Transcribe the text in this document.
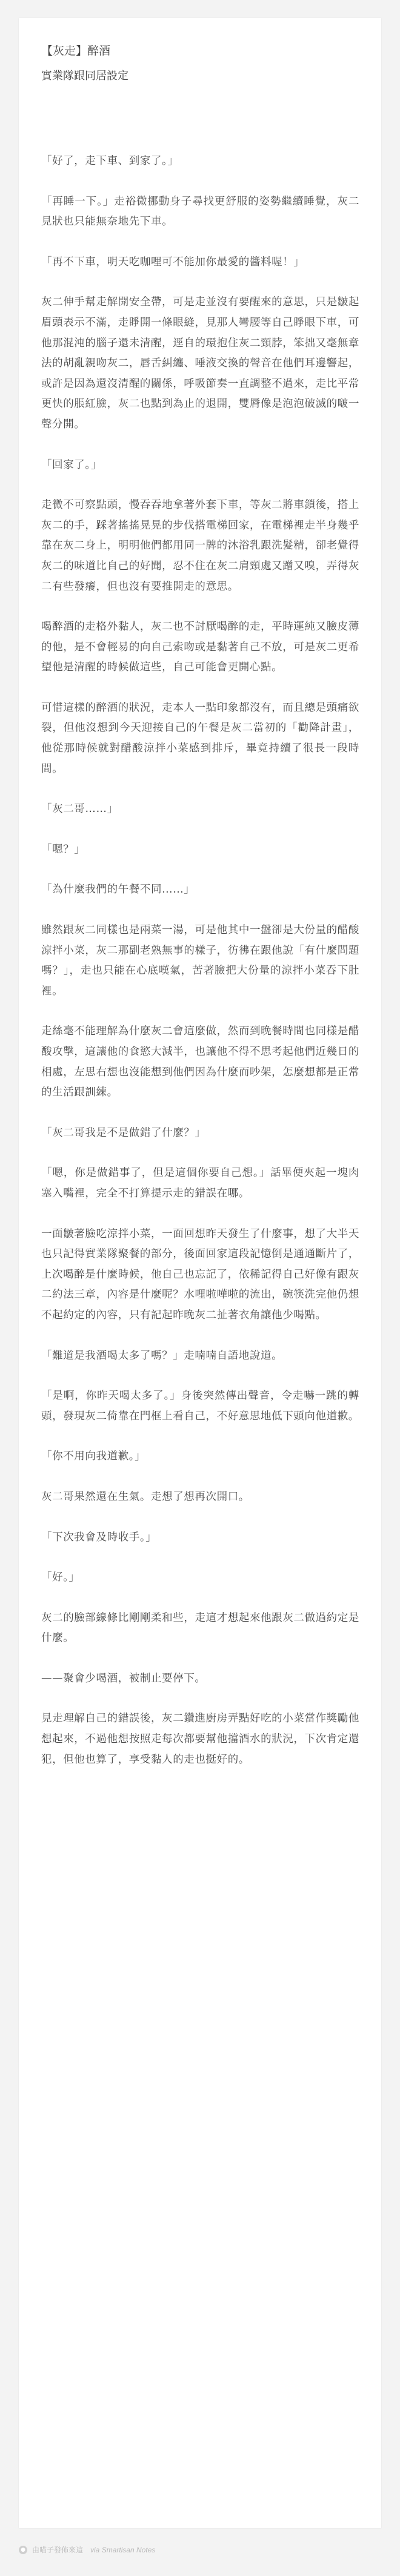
【灰走】醉酒
實業隊跟同居設定

「好了，走下車、到家了。」

「再睡一下。」走裕微挪動身子尋找更舒服的姿勢繼續睡覺，灰二見狀也只能無奈地先下車。

「再不下車，明天吃咖哩可不能加你最愛的醬料喔！」

灰二伸手幫走解開安全帶，可是走並沒有要醒來的意思，只是皺起眉頭表示不滿，走睜開一條眼縫，見那人彎腰等自己睜眼下車，可他那混沌的腦子還未清醒，逕自的環抱住灰二頸脖，笨拙又毫無章法的胡亂親吻灰二，唇舌糾纏、唾液交換的聲音在他們耳邊響起，或許是因為還沒清醒的關係，呼吸節奏一直調整不過來，走比平常更快的脹紅臉，灰二也點到為止的退開，雙脣像是泡泡破滅的啵一聲分開。

「回家了。」

走微不可察點頭，慢吞吞地拿著外套下車，等灰二將車鎖後，搭上灰二的手，踩著搖搖晃晃的步伐搭電梯回家，在電梯裡走半身幾乎靠在灰二身上，明明他們都用同一牌的沐浴乳跟洗髮精，卻老覺得灰二的味道比自己的好聞，忍不住在灰二肩頸處又蹭又嗅，弄得灰二有些發癢，但也沒有要推開走的意思。

喝醉酒的走格外黏人，灰二也不討厭喝醉的走，平時運純又臉皮薄的他，是不會輕易的向自己索吻或是黏著自己不放，可是灰二更希望他是清醒的時候做這些，自己可能會更開心點。

可惜這樣的醉酒的狀況，走本人一點印象都沒有，而且總是頭痛欲裂，但他沒想到今天迎接自己的午餐是灰二當初的「勸降計畫」，他從那時候就對醋酸涼拌小菜感到排斥，畢竟持續了很長一段時間。

「灰二哥……」

「嗯？」

「為什麼我們的午餐不同……」

雖然跟灰二同樣也是兩菜一湯，可是他其中一盤卻是大份量的醋酸涼拌小菜，灰二那副老熟無事的樣子，彷彿在跟他說「有什麼問題嗎？」，走也只能在心底嘆氣，苦著臉把大份量的涼拌小菜吞下肚裡。

走絲毫不能理解為什麼灰二會這麼做，然而到晚餐時間也同樣是醋酸攻擊，這讓他的食慾大減半，也讓他不得不思考起他們近幾日的相處，左思右想也沒能想到他們因為什麼而吵架，怎麼想都是正常的生活跟訓練。

「灰二哥我是不是做錯了什麼？」

「嗯，你是做錯事了，但是這個你要自己想。」話畢便夾起一塊肉塞入嘴裡，完全不打算提示走的錯誤在哪。

一面皺著臉吃涼拌小菜，一面回想昨天發生了什麼事，想了大半天也只記得實業隊聚餐的部分，後面回家這段記憶倒是通通斷片了，上次喝醉是什麼時候，他自己也忘記了，依稀記得自己好像有跟灰二約法三章，內容是什麼呢？水哩啦嘩啦的流出，碗筷洗完他仍想不起約定的內容，只有記起昨晚灰二扯著衣角讓他少喝點。

「難道是我酒喝太多了嗎？」走喃喃自語地說道。

「是啊，你昨天喝太多了。」身後突然傳出聲音，令走嚇一跳的轉頭，發現灰二倚靠在門框上看自己，不好意思地低下頭向他道歉。

「你不用向我道歉。」

灰二哥果然還在生氣。走想了想再次開口。

「下次我會及時收手。」

「好。」

灰二的臉部線條比剛剛柔和些，走這才想起來他跟灰二做過約定是什麼。

——聚會少喝酒，被制止要停下。

見走理解自己的錯誤後，灰二鑽進廚房弄點好吃的小菜當作獎勵他想起來，不過他想按照走每次都要幫他擋酒水的狀況，下次肯定還犯，但他也算了，享受黏人的走也挺好的。

● 由喵子發佈來這 via Smartisan Notes
